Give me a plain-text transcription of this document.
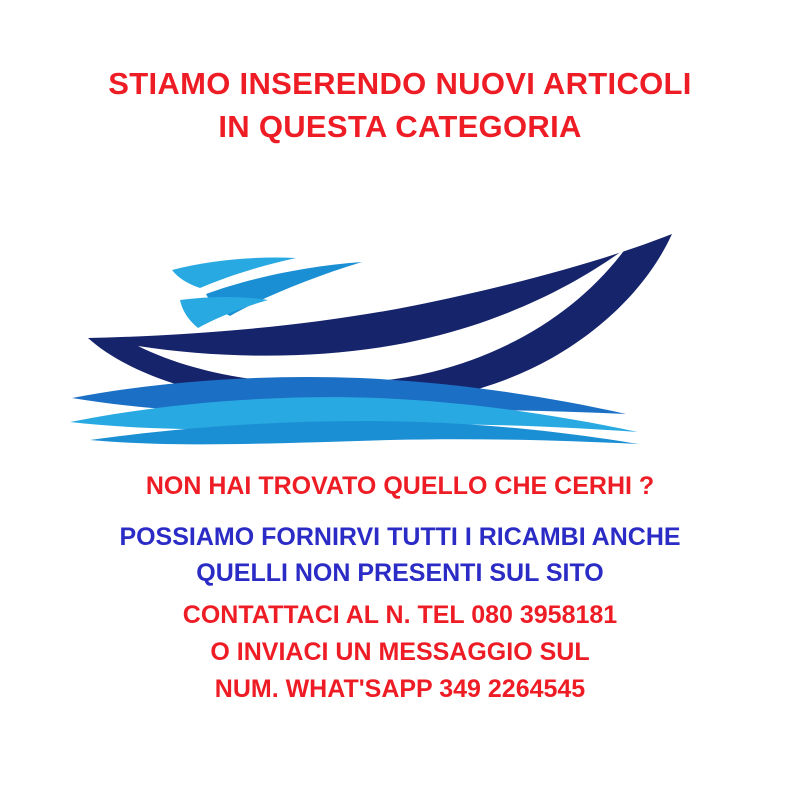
STIAMO INSERENDO NUOVI ARTICOLI
IN QUESTA CATEGORIA
NON HAI TROVATO QUELLO CHE CERHI ?
POSSIAMO FORNIRVI TUTTI I RICAMBI ANCHE
QUELLI NON PRESENTI SUL SITO
CONTATTACI AL N. TEL 080 3958181
O INVIACI UN MESSAGGIO SUL
NUM. WHAT'SAPP 349 2264545
